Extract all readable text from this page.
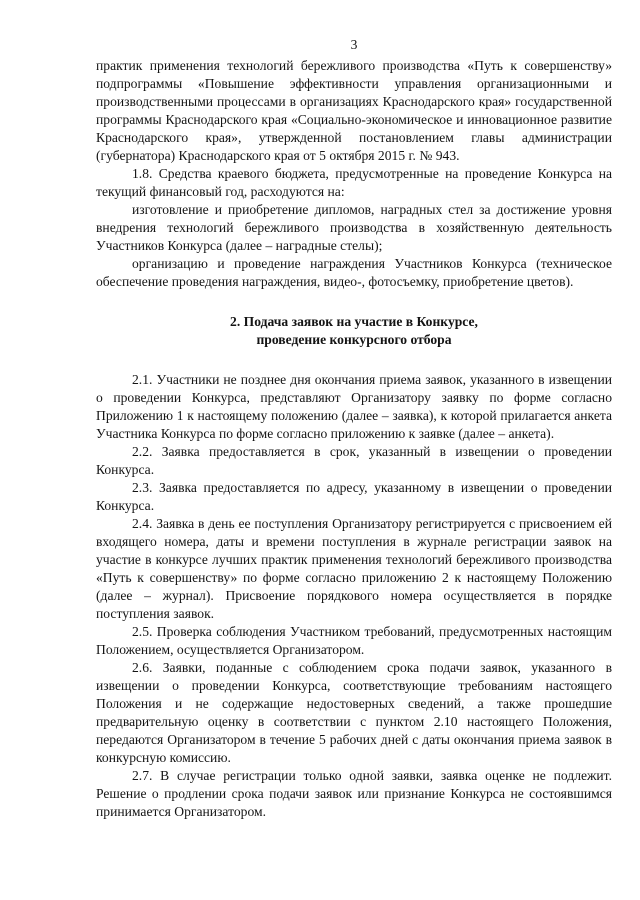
3

практик применения технологий бережливого производства «Путь к совершенству» подпрограммы «Повышение эффективности управления организационными и производственными процессами в организациях Краснодарского края» государственной программы Краснодарского края «Социально-экономическое и инновационное развитие Краснодарского края», утвержденной постановлением главы администрации (губернатора) Краснодарского края от 5 октября 2015 г. № 943.

1.8. Средства краевого бюджета, предусмотренные на проведение Конкурса на текущий финансовый год, расходуются на:

изготовление и приобретение дипломов, наградных стел за достижение уровня внедрения технологий бережливого производства в хозяйственную деятельность Участников Конкурса (далее – наградные стелы);

организацию и проведение награждения Участников Конкурса (техническое обеспечение проведения награждения, видео-, фотосъемку, приобретение цветов).

2. Подача заявок на участие в Конкурсе,

проведение конкурсного отбора

2.1. Участники не позднее дня окончания приема заявок, указанного в извещении о проведении Конкурса, представляют Организатору заявку по форме согласно Приложению 1 к настоящему положению (далее – заявка), к которой прилагается анкета Участника Конкурса по форме согласно приложению к заявке (далее – анкета).

2.2. Заявка предоставляется в срок, указанный в извещении о проведении Конкурса.

2.3. Заявка предоставляется по адресу, указанному в извещении о проведении Конкурса.

2.4. Заявка в день ее поступления Организатору регистрируется с присвоением ей входящего номера, даты и времени поступления в журнале регистрации заявок на участие в конкурсе лучших практик применения технологий бережливого производства «Путь к совершенству» по форме согласно приложению 2 к настоящему Положению (далее – журнал). Присвоение порядкового номера осуществляется в порядке поступления заявок.

2.5. Проверка соблюдения Участником требований, предусмотренных настоящим Положением, осуществляется Организатором.

2.6. Заявки, поданные с соблюдением срока подачи заявок, указанного в извещении о проведении Конкурса, соответствующие требованиям настоящего Положения и не содержащие недостоверных сведений, а также прошедшие предварительную оценку в соответствии с пунктом 2.10 настоящего Положения, передаются Организатором в течение 5 рабочих дней с даты окончания приема заявок в конкурсную комиссию.

2.7. В случае регистрации только одной заявки, заявка оценке не подлежит. Решение о продлении срока подачи заявок или признание Конкурса не состоявшимся принимается Организатором.
